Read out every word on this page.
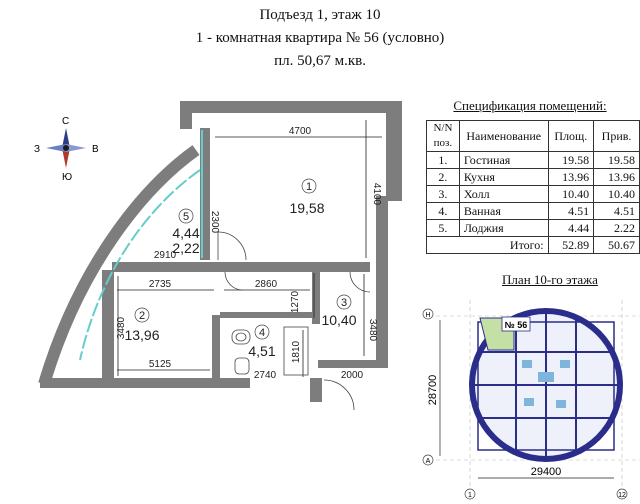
Подъезд 1, этаж 10
1 - комнатная квартира № 56 (условно)
пл. 50,67 м.кв.
С
Ю
З	В
1
19,58
2
13,96
3
10,40
4
4,51
5
4,44
2,22
4700
4100
2300
2910
2735	2860
1270
3480	3480
1810
5125
2740	2000
№ 56
Н
А
1	12
28700
29400
Спецификация помещений:
N/N поз.	Наименование	Площ.	Прив.
1.	Гостиная	19.58	19.58
2.	Кухня	13.96	13.96
3.	Холл	10.40	10.40
4.	Ванная	4.51	4.51
5.	Лоджия	4.44	2.22
Итого:		52.89	50.67
План 10-го этажа
